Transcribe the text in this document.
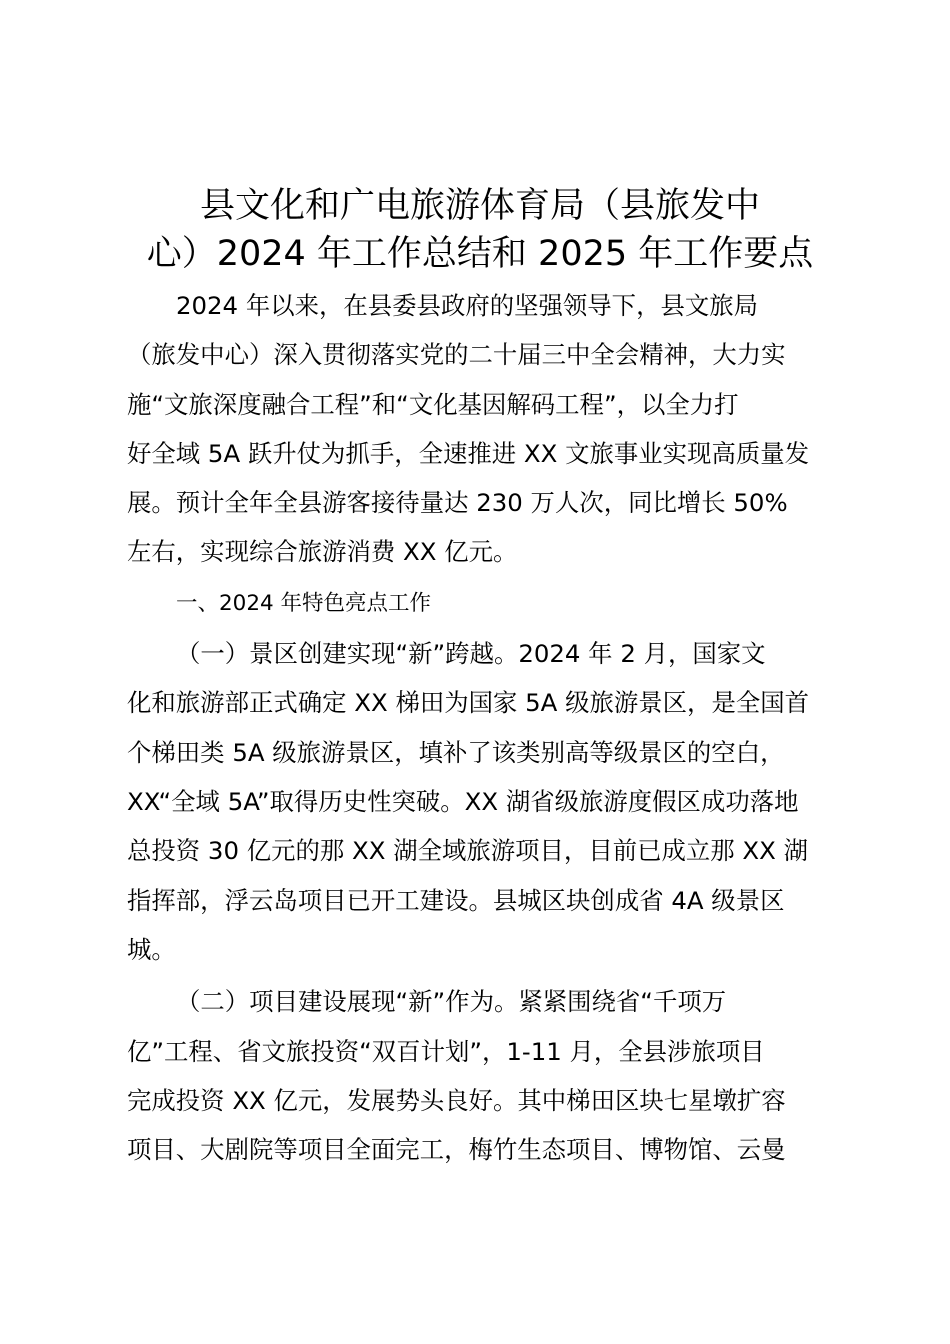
县文化和广电旅游体育局（县旅发中
心）2024 年工作总结和 2025 年工作要点

2024 年以来，在县委县政府的坚强领导下，县文旅局

（旅发中心）深入贯彻落实党的二十届三中全会精神，大力实

施“文旅深度融合工程”和“文化基因解码工程”，以全力打

好全域 5A 跃升仗为抓手，全速推进 XX 文旅事业实现高质量发

展。预计全年全县游客接待量达 230 万人次，同比增长 50%

左右，实现综合旅游消费 XX 亿元。

一、2024 年特色亮点工作

（一）景区创建实现“新”跨越。2024 年 2 月，国家文

化和旅游部正式确定 XX 梯田为国家 5A 级旅游景区，是全国首

个梯田类 5A 级旅游景区，填补了该类别高等级景区的空白，

XX“全域 5A”取得历史性突破。XX 湖省级旅游度假区成功落地

总投资 30 亿元的那 XX 湖全域旅游项目，目前已成立那 XX 湖

指挥部，浮云岛项目已开工建设。县城区块创成省 4A 级景区

城。

（二）项目建设展现“新”作为。紧紧围绕省“千项万

亿”工程、省文旅投资“双百计划”，1-11 月，全县涉旅项目

完成投资 XX 亿元，发展势头良好。其中梯田区块七星墩扩容

项目、大剧院等项目全面完工，梅竹生态项目、博物馆、云曼
